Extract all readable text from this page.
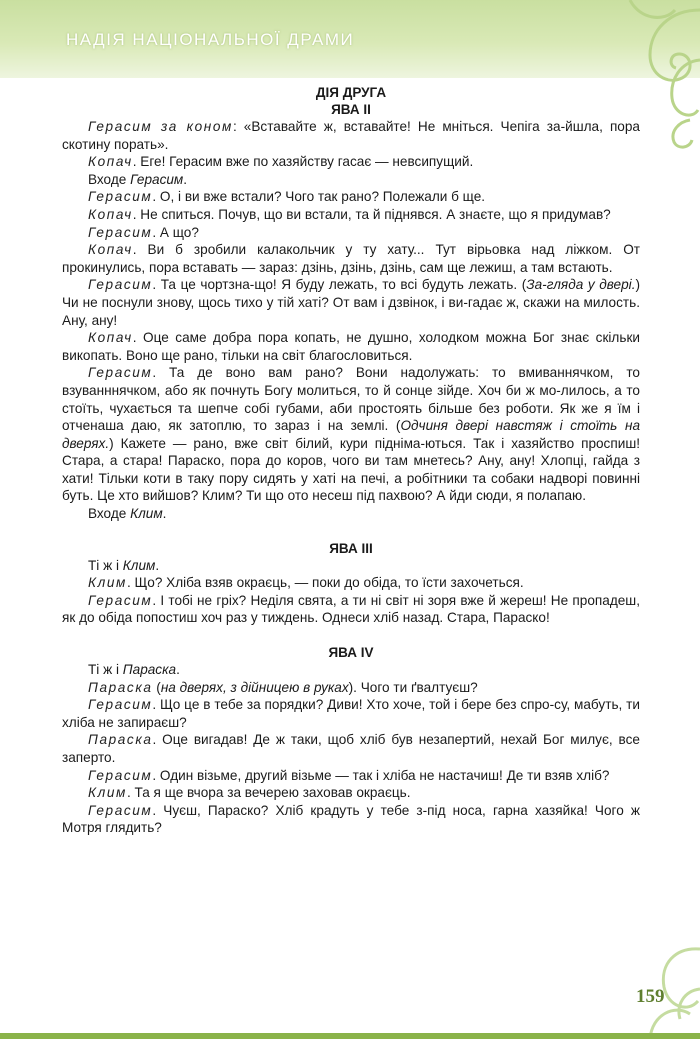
НАДІЯ НАЦІОНАЛЬНОЇ ДРАМИ
ДІЯ ДРУГА
ЯВА II

Герасим за коном: «Вставайте ж, вставайте! Не мніться. Чепіга за-йшла, пора скотину порать».

Копач. Еге! Герасим вже по хазяйству гасає — невсипущий.

Входе Герасим.

Герасим. О, і ви вже встали? Чого так рано? Полежали б ще.

Копач. Не спиться. Почув, що ви встали, та й піднявся. А знаєте, що я придумав?

Герасим. А що?

Копач. Ви б зробили калакольчик у ту хату... Тут вірьовка над ліжком. От прокинулись, пора вставать — зараз: дзінь, дзінь, дзінь, сам ще лежиш, а там встають.

Герасим. Та це чортзна-що! Я буду лежать, то всі будуть лежать. (За-гляда у двері.) Чи не поснули знову, щось тихо у тій хаті? От вам і дзвінок, і ви-гадає ж, скажи на милость. Ану, ану!

Копач. Оце саме добра пора копать, не душно, холодком можна Бог знає скільки викопать. Воно ще рано, тільки на світ благословиться.

Герасим. Та де воно вам рано? Вони надолужать: то вмиваннячком, то взуванннячком, або як почнуть Богу молиться, то й сонце зійде. Хоч би ж мо-лилось, а то стоїть, чухається та шепче собі губами, аби простоять більше без роботи. Як же я їм і отченаша даю, як затоплю, то зараз і на землі. (Одчиня двері навстяж і стоїть на дверях.) Кажете — рано, вже світ білий, кури підніма-ються. Так і хазяйство проспиш! Стара, а стара! Параско, пора до коров, чого ви там мнетесь? Ану, ану! Хлопці, гайда з хати! Тільки коти в таку пору сидять у хаті на печі, а робітники та собаки надворі повинні буть. Це хто вийшов? Клим? Ти що ото несеш під пахвою? А йди сюди, я полапаю.

Входе Клим.

ЯВА III

Ті ж і Клим.

Клим. Що? Хліба взяв окраєць, — поки до обіда, то їсти захочеться.

Герасим. І тобі не гріх? Неділя свята, а ти ні світ ні зоря вже й жереш! Не пропадеш, як до обіда попостиш хоч раз у тиждень. Однеси хліб назад. Стара, Параско!

ЯВА IV

Ті ж і Параска.

Параска (на дверях, з дійницею в руках). Чого ти ґвалтуєш?

Герасим. Що це в тебе за порядки? Диви! Хто хоче, той і бере без спро-су, мабуть, ти хліба не запираєш?

Параска. Оце вигадав! Де ж таки, щоб хліб був незапертий, нехай Бог милує, все заперто.

Герасим. Один візьме, другий візьме — так і хліба не настачиш! Де ти взяв хліб?

Клим. Та я ще вчора за вечерею заховав окраєць.

Герасим. Чуєш, Параско? Хліб крадуть у тебе з-під носа, гарна хазяйка! Чого ж Мотря глядить?

159
